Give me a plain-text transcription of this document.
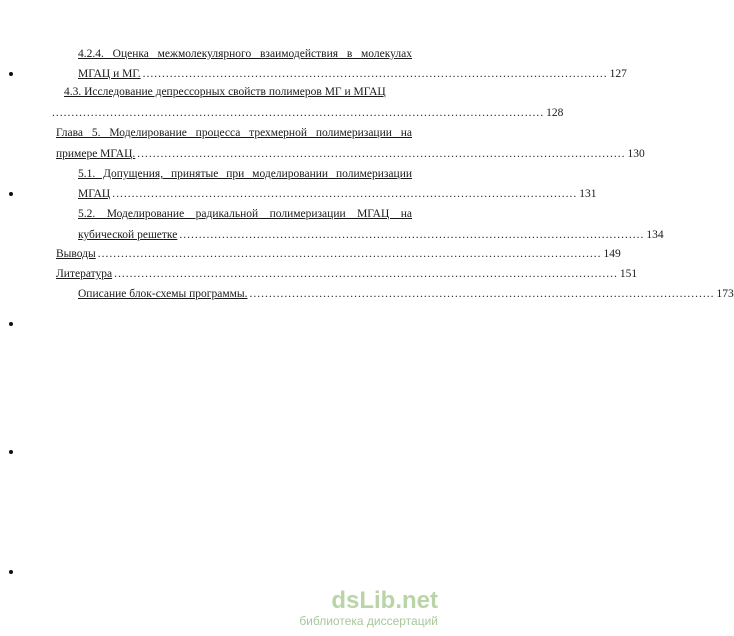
4.2.4. Оценка межмолекулярного взаимодействия в молекулах
МГАЦ и МГ. ........................................................................................................................ 127
4.3. Исследование депрессорных свойств полимеров МГ и МГАЦ
............................................................................................................................... 128
Глава 5. Моделирование процесса трехмерной полимеризации на
примере МГАЦ. .............................................................................................................................. 130
5.1. Допущения, принятые при моделировании полимеризации
МГАЦ ........................................................................................................................ 131
5.2. Моделирование радикальной полимеризации МГАЦ на
кубической решетке ........................................................................................................................ 134
Выводы .................................................................................................................................. 149
Литература .................................................................................................................................. 151
Описание блок-схемы программы. ........................................................................................................................ 173
dsLib.net
библиотека диссертаций
